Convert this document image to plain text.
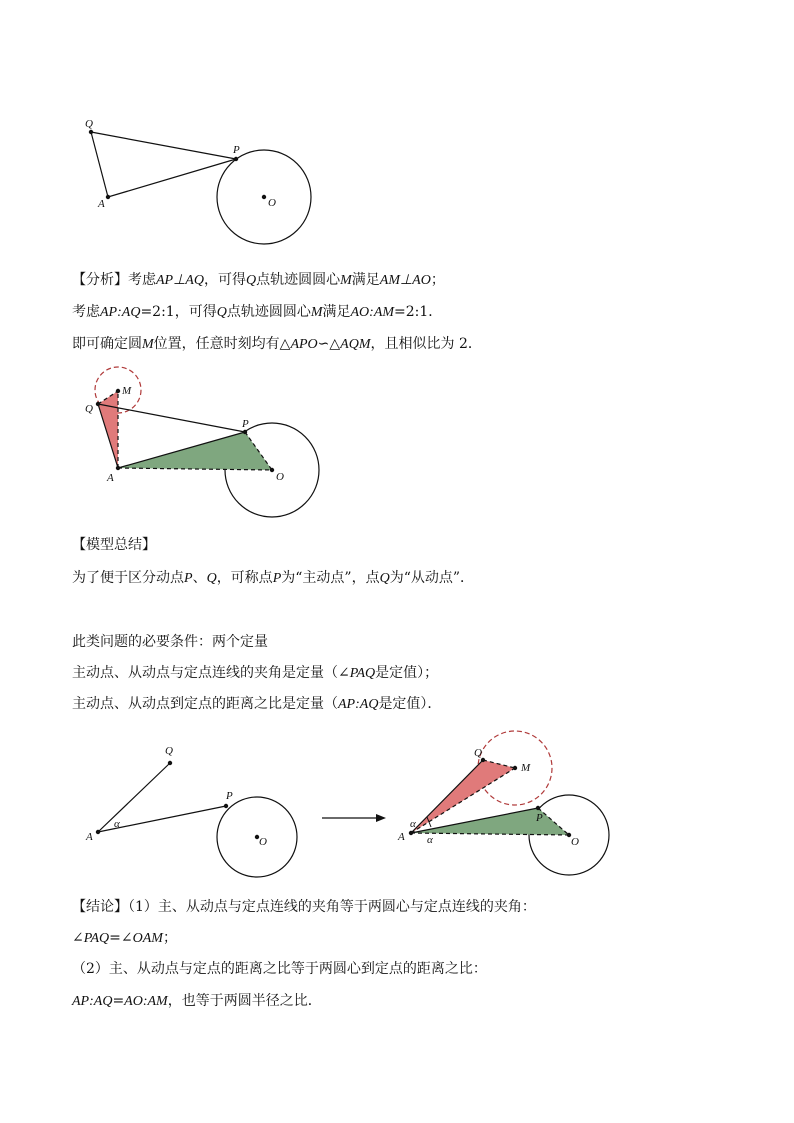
Q
P
A	O
M
Q
P
A	O
Q
P
A	O
α
Q
M
P
A	O
α
α
【分析】考虑AP⊥AQ，可得Q点轨迹圆圆心M满足AM⊥AO；
考虑AP:AQ=2:1，可得Q点轨迹圆圆心M满足AO:AM=2:1．
即可确定圆M位置，任意时刻均有△APO∽△AQM，且相似比为 2．
【模型总结】
为了便于区分动点P、Q，可称点P为“主动点”，点Q为“从动点”．
此类问题的必要条件：两个定量
主动点、从动点与定点连线的夹角是定量（∠PAQ是定值）；
主动点、从动点到定点的距离之比是定量（AP:AQ是定值）．
【结论】（1）主、从动点与定点连线的夹角等于两圆心与定点连线的夹角：
∠PAQ=∠OAM；
（2）主、从动点与定点的距离之比等于两圆心到定点的距离之比：
AP:AQ=AO:AM，也等于两圆半径之比．
